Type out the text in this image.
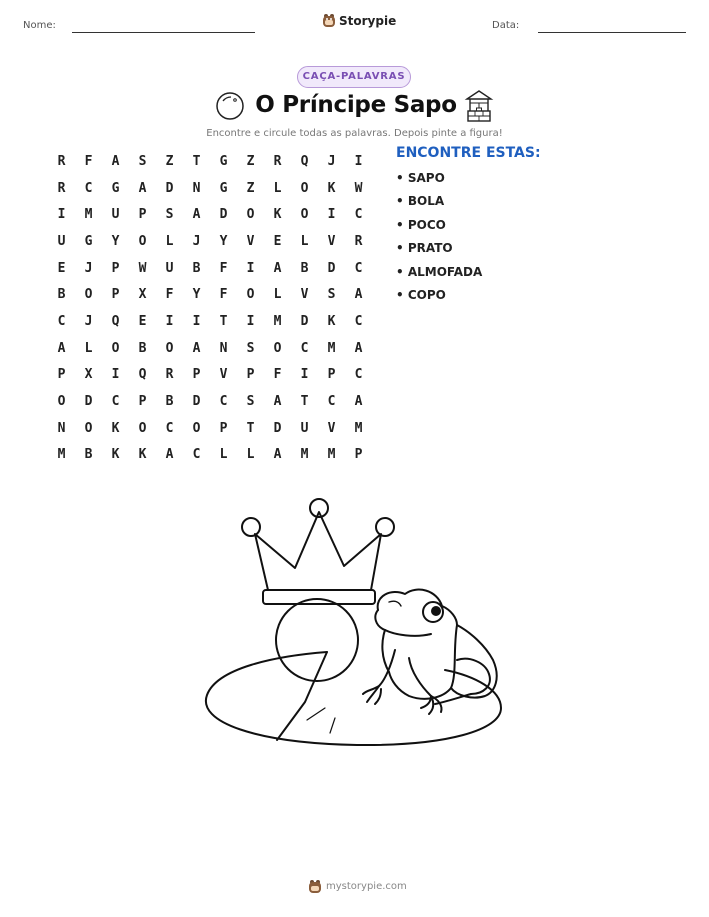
Nome:	Storypie	Data:
CAÇA-PALAVRAS
O Príncipe Sapo
Encontre e circule todas as palavras. Depois pinte a figura!
R	F	A	S	Z	T	G	Z	R	Q	J	I
R	C	G	A	D	N	G	Z	L	O	K	W
I	M	U	P	S	A	D	O	K	O	I	C
U	G	Y	O	L	J	Y	V	E	L	V	R
E	J	P	W	U	B	F	I	A	B	D	C
B	O	P	X	F	Y	F	O	L	V	S	A
C	J	Q	E	I	I	T	I	M	D	K	C
A	L	O	B	O	A	N	S	O	C	M	A
P	X	I	Q	R	P	V	P	F	I	P	C
O	D	C	P	B	D	C	S	A	T	C	A
N	O	K	O	C	O	P	T	D	U	V	M
M	B	K	K	A	C	L	L	A	M	M	P
ENCONTRE ESTAS:
• SAPO
• BOLA
• POCO
• PRATO
• ALMOFADA
• COPO
mystorypie.com
